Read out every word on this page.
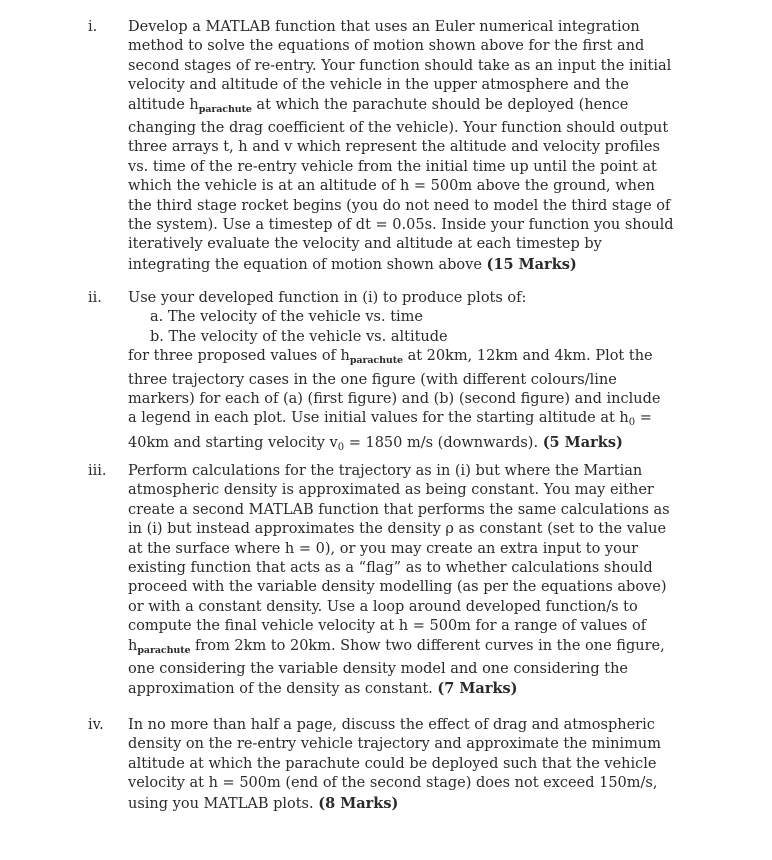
i. Develop a MATLAB function that uses an Euler numerical integration
method to solve the equations of motion shown above for the first and
second stages of re-entry. Your function should take as an input the initial
velocity and altitude of the vehicle in the upper atmosphere and the
altitude $h_{parachute}$ at which the parachute should be deployed (hence
changing the drag coefficient of the vehicle). Your function should output
three arrays t, h and v which represent the altitude and velocity profiles
vs. time of the re-entry vehicle from the initial time up until the point at
which the vehicle is at an altitude of h = 500m above the ground, when
the third stage rocket begins (you do not need to model the third stage of
the system). Use a timestep of dt = 0.05s. Inside your function you should
iteratively evaluate the velocity and altitude at each timestep by
integrating the equation of motion shown above (15 Marks)
ii. Use your developed function in (i) to produce plots of:
a. The velocity of the vehicle vs. time
b. The velocity of the vehicle vs. altitude
for three proposed values of $h_{parachute}$ at 20km, 12km and 4km. Plot the
three trajectory cases in the one figure (with different colours/line
markers) for each of (a) (first figure) and (b) (second figure) and include
a legend in each plot. Use initial values for the starting altitude at $h_0$ =
40km and starting velocity $v_0 = 1850$ m/s (downwards). (5 Marks)
iii. Perform calculations for the trajectory as in (i) but where the Martian
atmospheric density is approximated as being constant. You may either
create a second MATLAB function that performs the same calculations as
in (i) but instead approximates the density ρ as constant (set to the value
at the surface where h = 0), or you may create an extra input to your
existing function that acts as a “flag” as to whether calculations should
proceed with the variable density modelling (as per the equations above)
or with a constant density. Use a loop around developed function/s to
compute the final vehicle velocity at h = 500m for a range of values of
$h_{parachute}$ from 2km to 20km. Show two different curves in the one figure,
one considering the variable density model and one considering the
approximation of the density as constant. (7 Marks)
iv. In no more than half a page, discuss the effect of drag and atmospheric
density on the re-entry vehicle trajectory and approximate the minimum
altitude at which the parachute could be deployed such that the vehicle
velocity at h = 500m (end of the second stage) does not exceed 150m/s,
using you MATLAB plots. (8 Marks)
